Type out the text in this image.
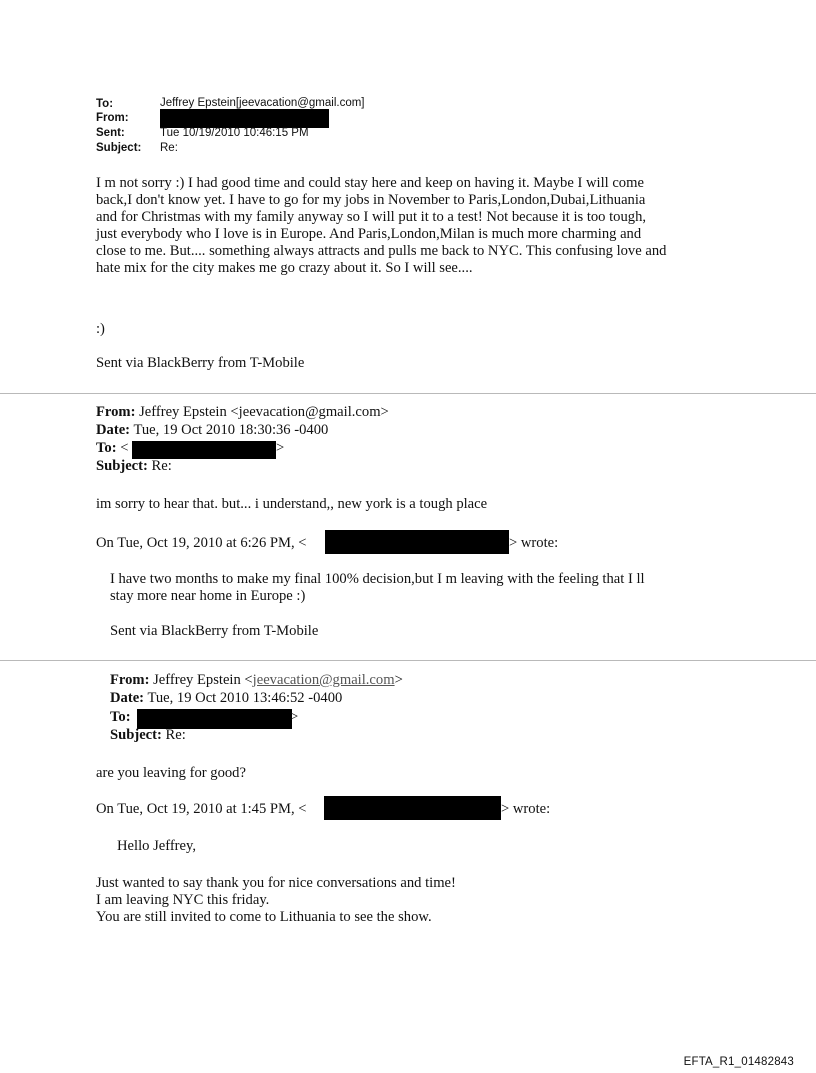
To:	Jeffrey Epstein[jeevacation@gmail.com]
From:
Sent:	Tue 10/19/2010 10:46:15 PM
Subject: Re:
I m not sorry :) I had good time and could stay here and keep on having it. Maybe I will come
back,I don't know yet. I have to go for my jobs in November to Paris,London,Dubai,Lithuania
and for Christmas with my family anyway so I will put it to a test! Not because it is too tough,
just everybody who I love is in Europe. And Paris,London,Milan is much more charming and
close to me. But.... something always attracts and pulls me back to NYC. This confusing love and
hate mix for the city makes me go crazy about it. So I will see....
:)
Sent via BlackBerry from T-Mobile
From: Jeffrey Epstein <jeevacation@gmail.com>
Date: Tue, 19 Oct 2010 18:30:36 -0400
To: <	>
Subject: Re:
im sorry to hear that. but... i understand,, new york is a tough place
On Tue, Oct 19, 2010 at 6:26 PM, <	> wrote:
I have two months to make my final 100% decision,but I m leaving with the feeling that I ll
stay more near home in Europe :)
Sent via BlackBerry from T-Mobile
From: Jeffrey Epstein <jeevacation@gmail.com>
Date: Tue, 19 Oct 2010 13:46:52 -0400
To:	>
Subject: Re:
are you leaving for good?
On Tue, Oct 19, 2010 at 1:45 PM, <	> wrote:
Hello Jeffrey,
Just wanted to say thank you for nice conversations and time!
I am leaving NYC this friday.
You are still invited to come to Lithuania to see the show.
EFTA_R1_01482843
